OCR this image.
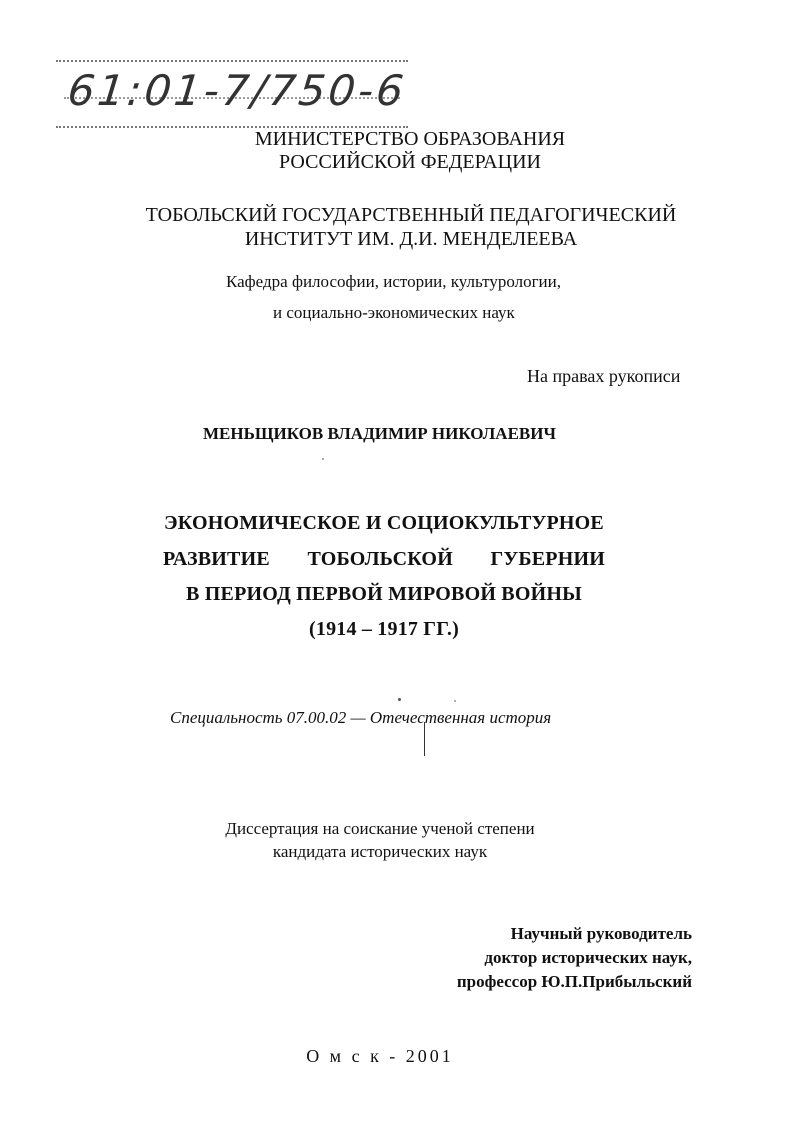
61:01-7/750-6
МИНИСТЕРСТВО ОБРАЗОВАНИЯ
РОССИЙСКОЙ ФЕДЕРАЦИИ
ТОБОЛЬСКИЙ ГОСУДАРСТВЕННЫЙ ПЕДАГОГИЧЕСКИЙ
ИНСТИТУТ ИМ. Д.И. МЕНДЕЛЕЕВА
Кафедра философии, истории, культурологии,
и социально-экономических наук
На правах рукописи
МЕНЬЩИКОВ ВЛАДИМИР НИКОЛАЕВИЧ
ЭКОНОМИЧЕСКОЕ И СОЦИОКУЛЬТУРНОЕ
РАЗВИТИЕ ТОБОЛЬСКОЙ ГУБЕРНИИ
В ПЕРИОД ПЕРВОЙ МИРОВОЙ ВОЙНЫ
(1914 – 1917 ГГ.)
Специальность 07.00.02 — Отечественная история
Диссертация на соискание ученой степени
кандидата исторических наук
Научный руководитель
доктор исторических наук,
профессор Ю.П.Прибыльский
О м с к - 2001
